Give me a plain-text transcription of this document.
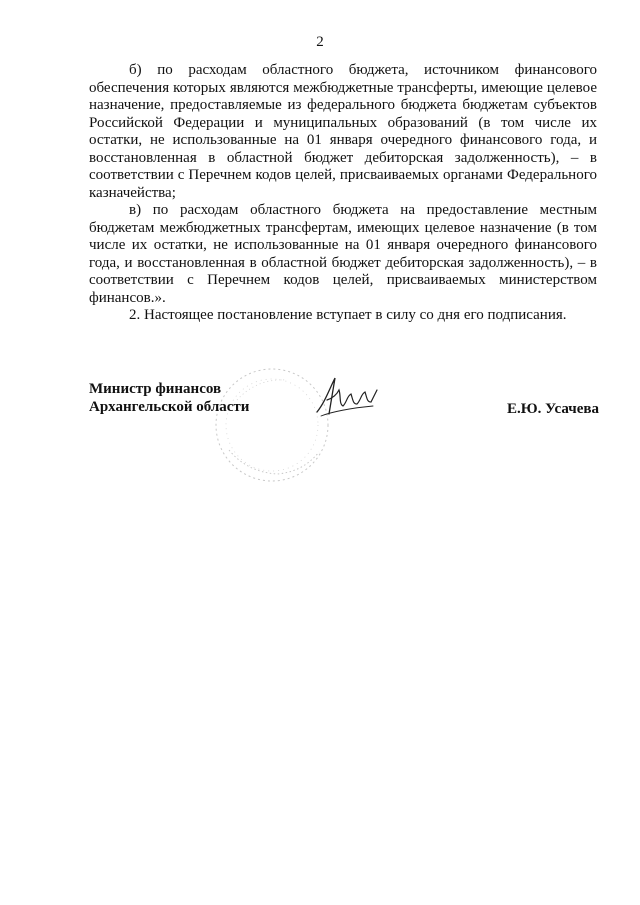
2

б) по расходам областного бюджета, источником финансового обеспечения которых являются межбюджетные трансферты, имеющие целевое назначение, предоставляемые из федерального бюджета бюджетам субъектов Российской Федерации и муниципальных образований (в том числе их остатки, не использованные на 01 января очередного финансового года, и восстановленная в областной бюджет дебиторская задолженность), – в соответствии с Перечнем кодов целей, присваиваемых органами Федерального казначейства;

в) по расходам областного бюджета на предоставление местным бюджетам межбюджетных трансфертам, имеющих целевое назначение (в том числе их остатки, не использованные на 01 января очередного финансового года, и восстановленная в областной бюджет дебиторская задолженность), – в соответствии с Перечнем кодов целей, присваиваемых министерством финансов.».

2. Настоящее постановление вступает в силу со дня его подписания.

Министр финансов
Архангельской области	Е.Ю. Усачева
